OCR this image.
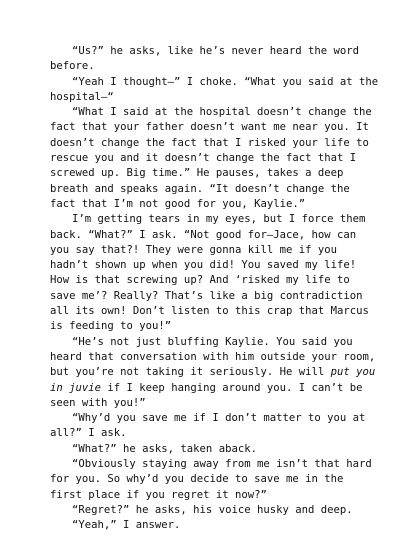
“Us?” he asks, like he’s never heard the word before.

“Yeah I thought—” I choke. “What you said at the hospital—“

“What I said at the hospital doesn’t change the fact that your father doesn’t want me near you. It doesn’t change the fact that I risked your life to rescue you and it doesn’t change the fact that I screwed up. Big time.” He pauses, takes a deep breath and speaks again. “It doesn’t change the fact that I’m not good for you, Kaylie.”

I’m getting tears in my eyes, but I force them back. “What?” I ask. “Not good for—Jace, how can you say that?! They were gonna kill me if you hadn’t shown up when you did! You saved my life! How is that screwing up? And ‘risked my life to save me’? Really? That’s like a big contradiction all its own! Don’t listen to this crap that Marcus is feeding to you!”

“He’s not just bluffing Kaylie. You said you heard that conversation with him outside your room, but you’re not taking it seriously. He will put you in juvie if I keep hanging around you. I can’t be seen with you!”

“Why’d you save me if I don’t matter to you at all?” I ask.

“What?” he asks, taken aback.

“Obviously staying away from me isn’t that hard for you. So why’d you decide to save me in the first place if you regret it now?”

“Regret?” he asks, his voice husky and deep.

“Yeah,” I answer.
